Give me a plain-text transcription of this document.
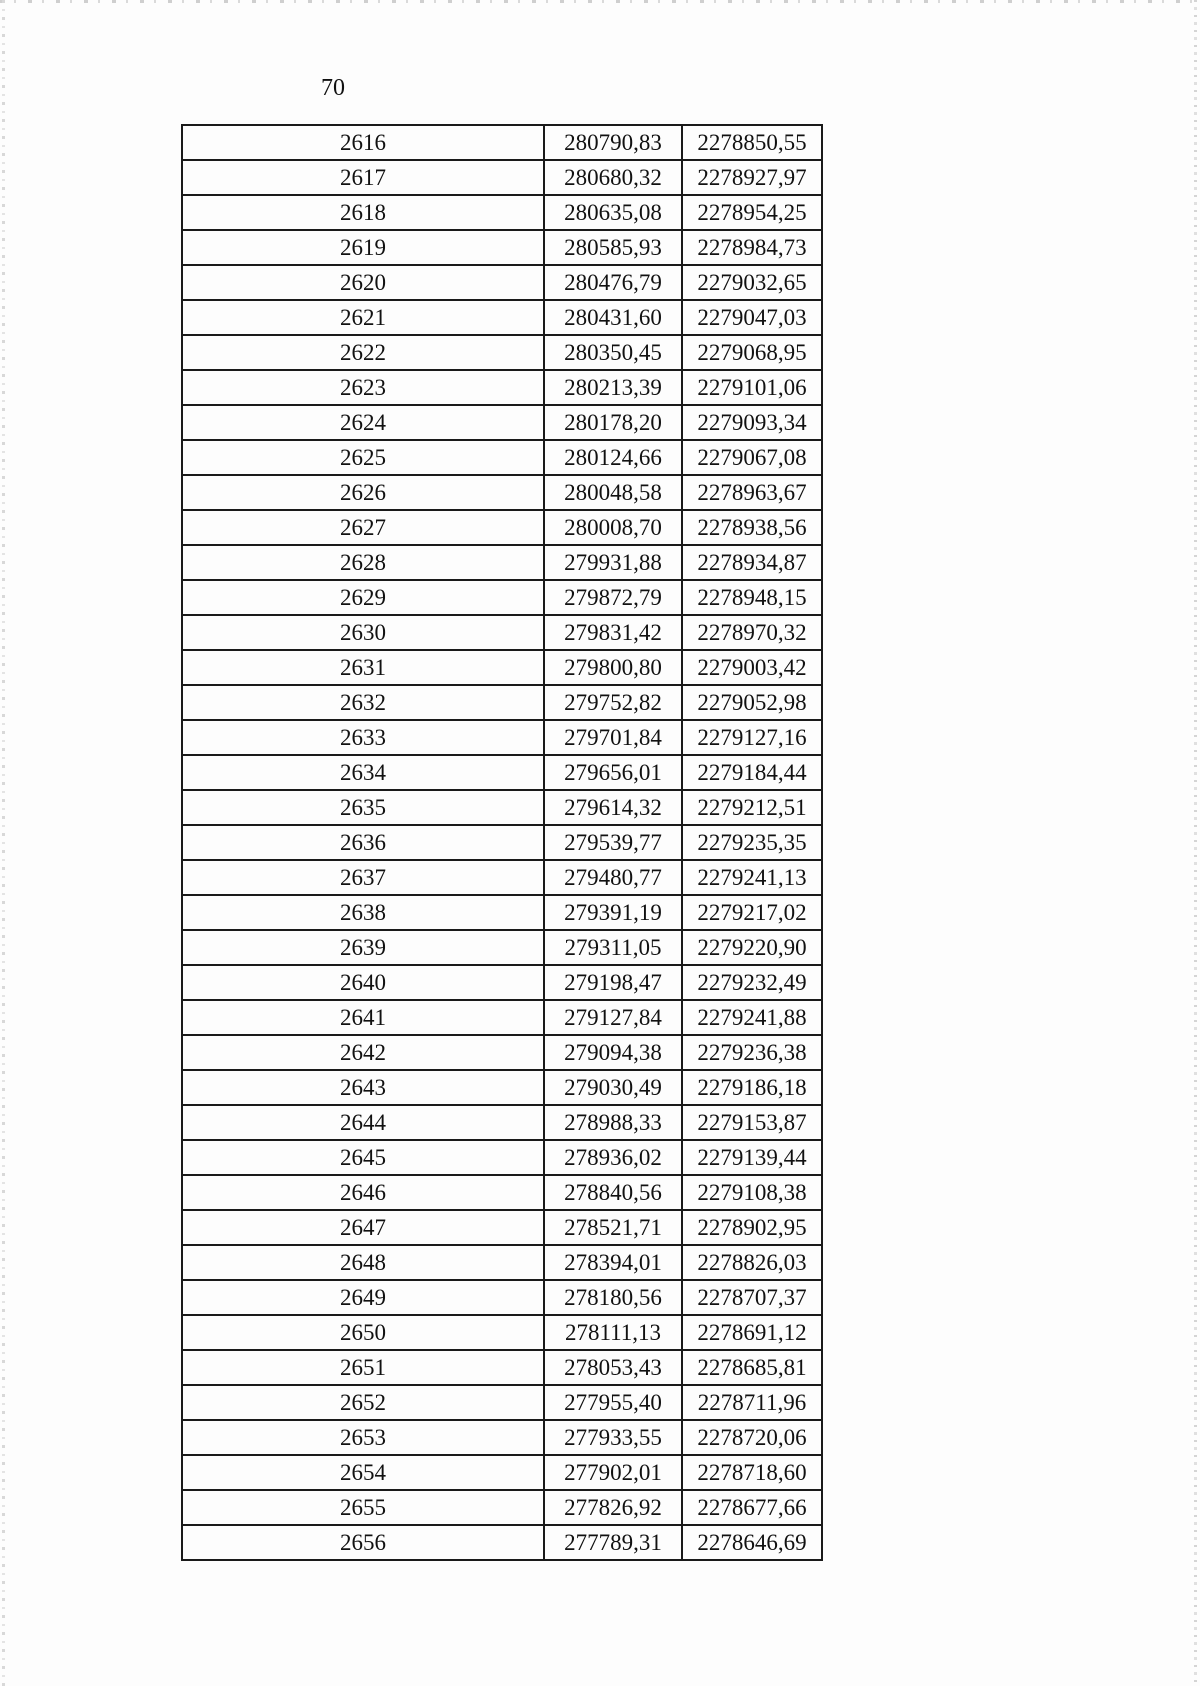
70
2616	280790,83	2278850,55
2617	280680,32	2278927,97
2618	280635,08	2278954,25
2619	280585,93	2278984,73
2620	280476,79	2279032,65
2621	280431,60	2279047,03
2622	280350,45	2279068,95
2623	280213,39	2279101,06
2624	280178,20	2279093,34
2625	280124,66	2279067,08
2626	280048,58	2278963,67
2627	280008,70	2278938,56
2628	279931,88	2278934,87
2629	279872,79	2278948,15
2630	279831,42	2278970,32
2631	279800,80	2279003,42
2632	279752,82	2279052,98
2633	279701,84	2279127,16
2634	279656,01	2279184,44
2635	279614,32	2279212,51
2636	279539,77	2279235,35
2637	279480,77	2279241,13
2638	279391,19	2279217,02
2639	279311,05	2279220,90
2640	279198,47	2279232,49
2641	279127,84	2279241,88
2642	279094,38	2279236,38
2643	279030,49	2279186,18
2644	278988,33	2279153,87
2645	278936,02	2279139,44
2646	278840,56	2279108,38
2647	278521,71	2278902,95
2648	278394,01	2278826,03
2649	278180,56	2278707,37
2650	278111,13	2278691,12
2651	278053,43	2278685,81
2652	277955,40	2278711,96
2653	277933,55	2278720,06
2654	277902,01	2278718,60
2655	277826,92	2278677,66
2656	277789,31	2278646,69
